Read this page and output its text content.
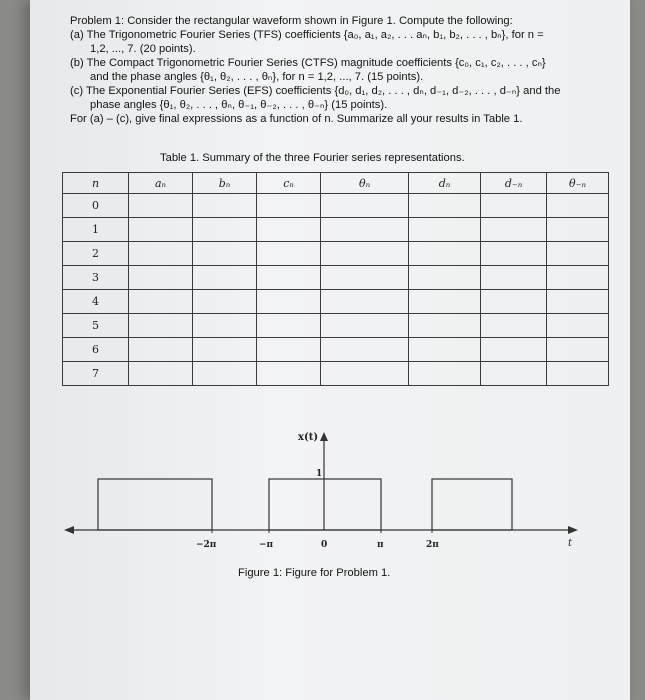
Problem 1: Consider the rectangular waveform shown in Figure 1. Compute the following:

(a) The Trigonometric Fourier Series (TFS) coefficients {a₀, a₁, a₂, . . . aₙ, b₁, b₂, . . . , bₙ}, for n =

1,2, ..., 7. (20 points).

(b) The Compact Trigonometric Fourier Series (CTFS) magnitude coefficients {c₀, c₁, c₂, . . . , cₙ}

and the phase angles {θ₁, θ₂, . . . , θₙ}, for n = 1,2, ..., 7. (15 points).

(c) The Exponential Fourier Series (EFS) coefficients {d₀, d₁, d₂, . . . , dₙ, d₋₁, d₋₂, . . . , d₋ₙ} and the

phase angles {θ₁, θ₂, . . . , θₙ, θ₋₁, θ₋₂, . . . , θ₋ₙ} (15 points).

For (a) – (c), give final expressions as a function of n. Summarize all your results in Table 1.

Table 1. Summary of the three Fourier series representations.
n	aₙ	bₙ	cₙ	θₙ	dₙ	d₋ₙ	θ₋ₙ
0							
1							
2							
3							
4							
5							
6							
7							
x(t)
1
t
−2π	−π	0	π	2π
Figure 1: Figure for Problem 1.
